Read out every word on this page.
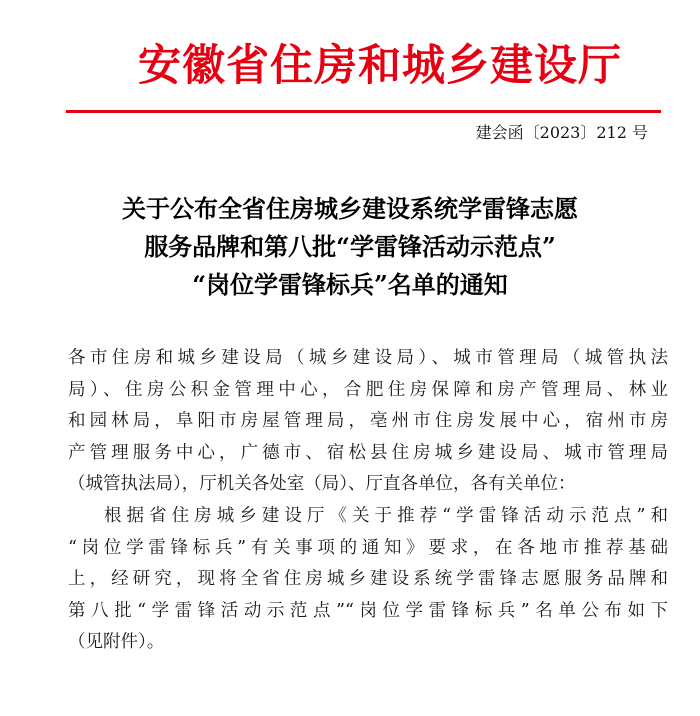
安徽省住房和城乡建设厅
建会函〔2023〕212 号
关于公布全省住房城乡建设系统学雷锋志愿
服务品牌和第八批“学雷锋活动示范点”
“岗位学雷锋标兵”名单的通知
各市住房和城乡建设局（城乡建设局）、城市管理局（城管执法
局）、住房公积金管理中心，合肥住房保障和房产管理局、林业
和园林局，阜阳市房屋管理局，亳州市住房发展中心，宿州市房
产管理服务中心，广德市、宿松县住房城乡建设局、城市管理局
（城管执法局），厅机关各处室（局）、厅直各单位，各有关单位：
根据省住房城乡建设厅《关于推荐“学雷锋活动示范点”和
“岗位学雷锋标兵”有关事项的通知》要求，在各地市推荐基础
上，经研究，现将全省住房城乡建设系统学雷锋志愿服务品牌和
第八批“学雷锋活动示范点”“岗位学雷锋标兵”名单公布如下
（见附件）。
